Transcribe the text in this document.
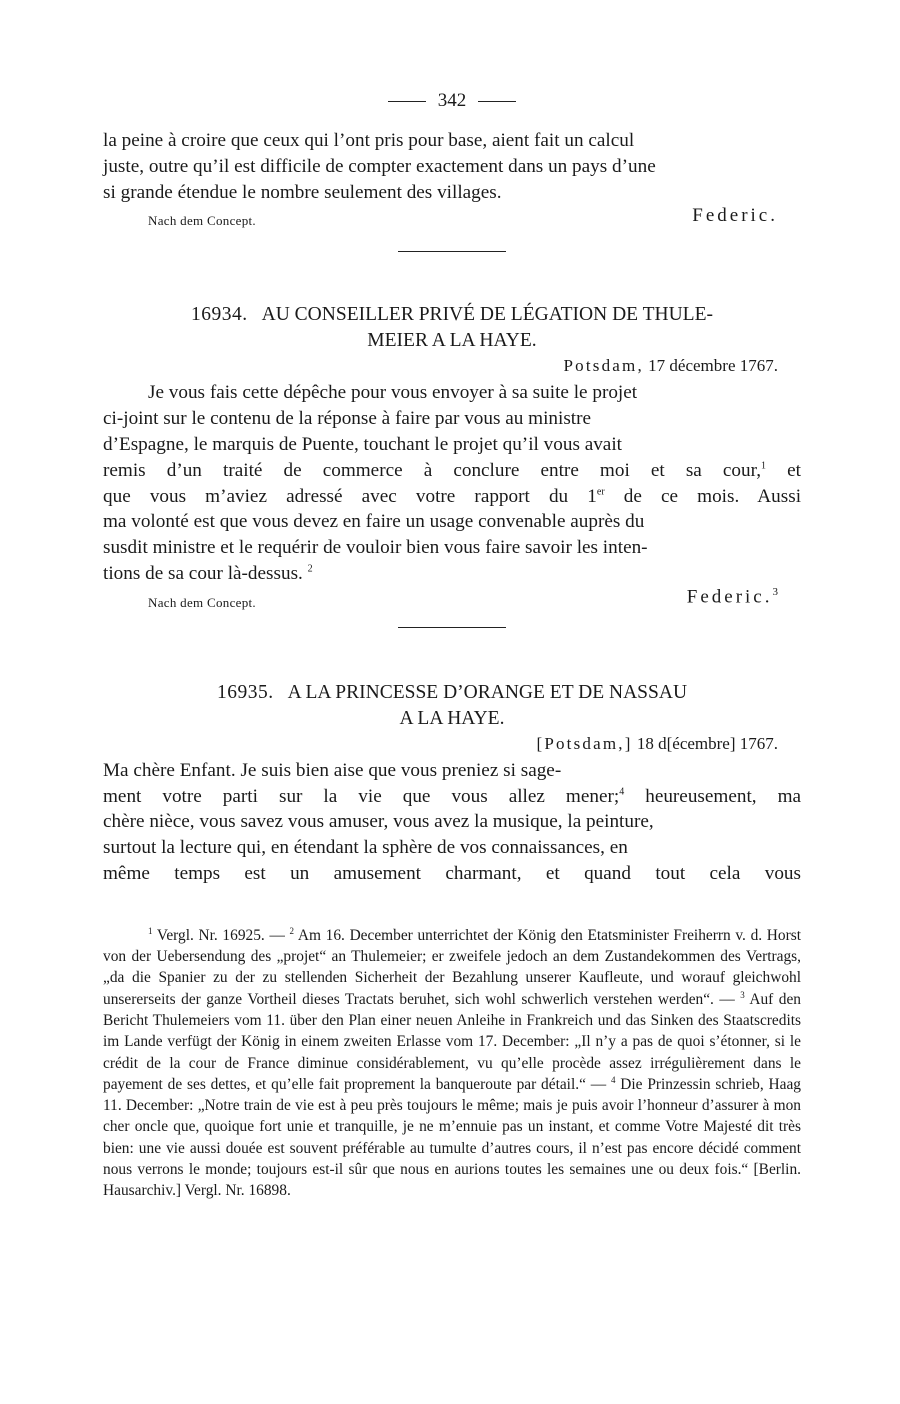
342

la peine à croire que ceux qui l’ont pris pour base, aient fait un calcul

juste, outre qu’il est difficile de compter exactement dans un pays d’une

si grande étendue le nombre seulement des villages.

Nach dem Concept.	Federic.

16934. AU CONSEILLER PRIVÉ DE LÉGATION DE THULE-

MEIER A LA HAYE.

Potsdam, 17 décembre 1767.

Je vous fais cette dépêche pour vous envoyer à sa suite le projet

ci-joint sur le contenu de la réponse à faire par vous au ministre

d’Espagne, le marquis de Puente, touchant le projet qu’il vous avait

remis d’un traité de commerce à conclure entre moi et sa cour,$^1$ et

que vous m’aviez adressé avec votre rapport du 1er de ce mois. Aussi

ma volonté est que vous devez en faire un usage convenable auprès du

susdit ministre et le requérir de vouloir bien vous faire savoir les inten-

tions de sa cour là-dessus. $^2$

Nach dem Concept.	Federic.$^3$

16935. A LA PRINCESSE D’ORANGE ET DE NASSAU

A LA HAYE.

[Potsdam,] 18 d[écembre] 1767.

Ma chère Enfant. Je suis bien aise que vous preniez si sage-

ment votre parti sur la vie que vous allez mener;$^4$ heureusement, ma

chère nièce, vous savez vous amuser, vous avez la musique, la peinture,

surtout la lecture qui, en étendant la sphère de vos connaissances, en

même temps est un amusement charmant, et quand tout cela vous

$^1$ Vergl. Nr. 16925. — $^2$ Am 16. December unterrichtet der König den Etatsminister Freiherrn v. d. Horst von der Uebersendung des „projet“ an Thulemeier; er zweifele jedoch an dem Zustandekommen des Vertrags, „da die Spanier zu der zu stellenden Sicherheit der Bezahlung unserer Kaufleute, und worauf gleichwohl unsererseits der ganze Vortheil dieses Tractats beruhet, sich wohl schwerlich verstehen werden“. — $^3$ Auf den Bericht Thulemeiers vom 11. über den Plan einer neuen Anleihe in Frankreich und das Sinken des Staatscredits im Lande verfügt der König in einem zweiten Erlasse vom 17. December: „Il n’y a pas de quoi s’étonner, si le crédit de la cour de France diminue considérablement, vu qu’elle procède assez irrégulièrement dans le payement de ses dettes, et qu’elle fait proprement la banqueroute par détail.“ — $^4$ Die Prinzessin schrieb, Haag 11. December: „Notre train de vie est à peu près toujours le même; mais je puis avoir l’honneur d’assurer à mon cher oncle que, quoique fort unie et tranquille, je ne m’ennuie pas un instant, et comme Votre Majesté dit très bien: une vie aussi douée est souvent préférable au tumulte d’autres cours, il n’est pas encore décidé comment nous verrons le monde; toujours est-il sûr que nous en aurions toutes les semaines une ou deux fois.“ [Berlin. Hausarchiv.] Vergl. Nr. 16898.
